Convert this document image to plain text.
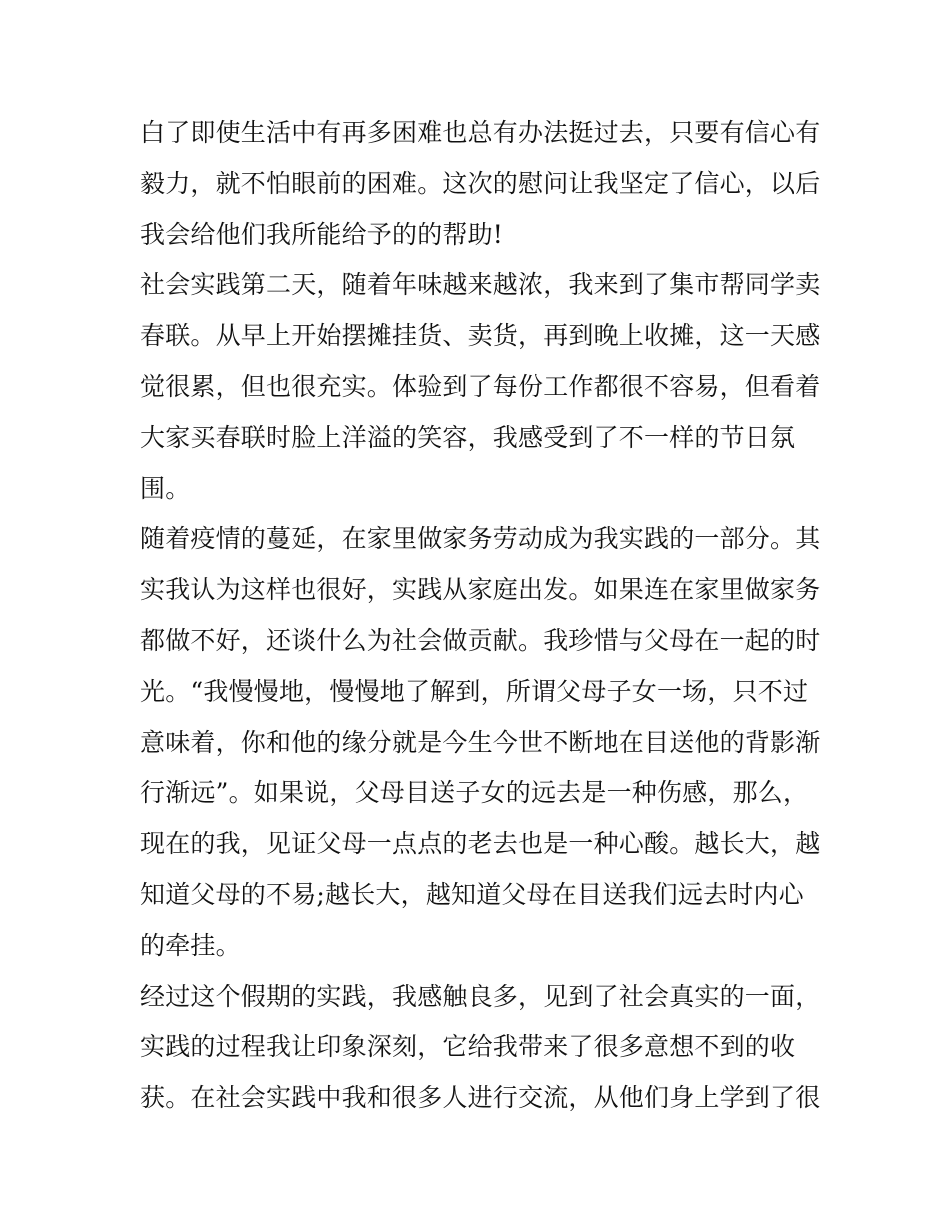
白了即使生活中有再多困难也总有办法挺过去，只要有信心有
毅力，就不怕眼前的困难。这次的慰问让我坚定了信心，以后
我会给他们我所能给予的的帮助!
社会实践第二天，随着年味越来越浓，我来到了集市帮同学卖
春联。从早上开始摆摊挂货、卖货，再到晚上收摊，这一天感
觉很累，但也很充实。体验到了每份工作都很不容易，但看着
大家买春联时脸上洋溢的笑容，我感受到了不一样的节日氛
围。
随着疫情的蔓延，在家里做家务劳动成为我实践的一部分。其
实我认为这样也很好，实践从家庭出发。如果连在家里做家务
都做不好，还谈什么为社会做贡献。我珍惜与父母在一起的时
光。“我慢慢地，慢慢地了解到，所谓父母子女一场，只不过
意味着，你和他的缘分就是今生今世不断地在目送他的背影渐
行渐远”。如果说，父母目送子女的远去是一种伤感，那么，
现在的我，见证父母一点点的老去也是一种心酸。越长大，越
知道父母的不易;越长大，越知道父母在目送我们远去时内心
的牵挂。
经过这个假期的实践，我感触良多，见到了社会真实的一面，
实践的过程我让印象深刻，它给我带来了很多意想不到的收
获。在社会实践中我和很多人进行交流，从他们身上学到了很
